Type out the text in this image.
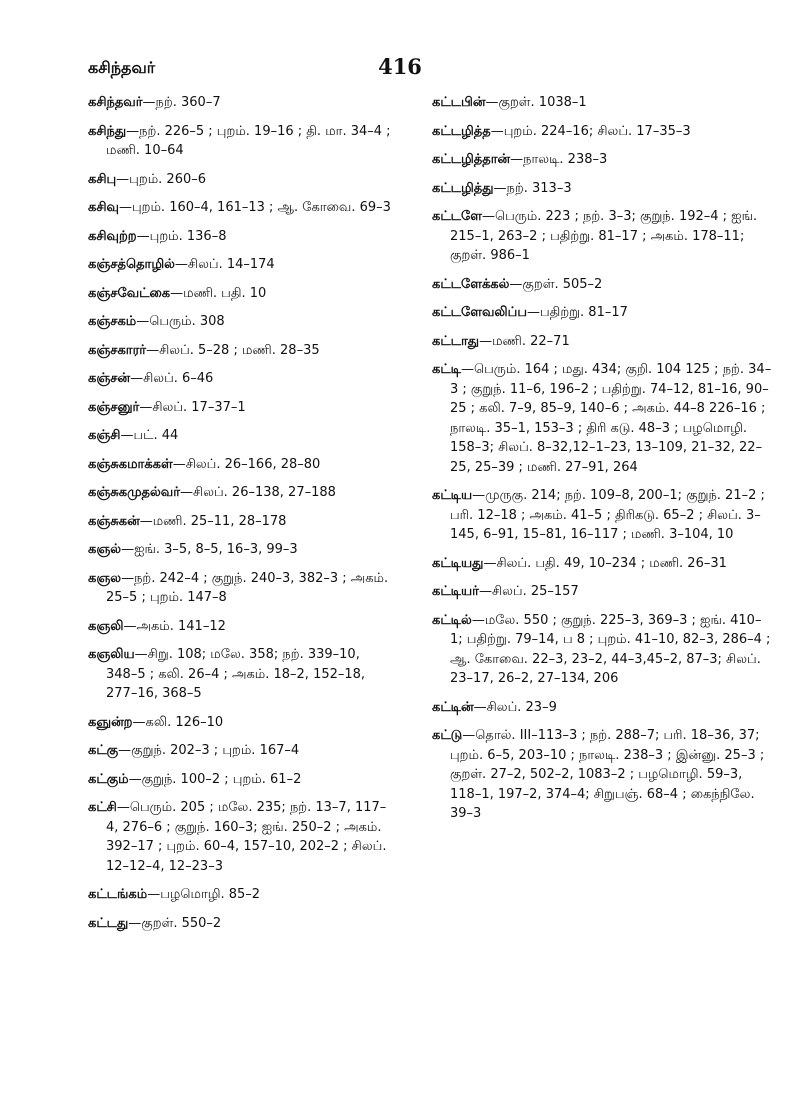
கசிந்தவர்	416
கசிந்தவர்—நற். 360–7
கசிந்து—நற். 226–5 ; புறம். 19–16 ; தி. மா. 34–4 ; மணி. 10–64
கசிபு—புறம். 260–6
கசிவு—புறம். 160–4, 161–13 ; ஆ. கோவை. 69–3
கசிவுற்ற—புறம். 136–8
கஞ்சத்தொழில்—சிலப். 14–174
கஞ்சவேட்கை—மணி. பதி. 10
கஞ்சகம்—பெரும். 308
கஞ்சகாரர்—சிலப். 5–28 ; மணி. 28–35
கஞ்சன்—சிலப். 6–46
கஞ்சனுர்—சிலப். 17–37–1
கஞ்சி—பட். 44
கஞ்சுகமாக்கள்—சிலப். 26–166, 28–80
கஞ்சுகமுதல்வர்—சிலப். 26–138, 27–188
கஞ்சுகன்—மணி. 25–11, 28–178
கஞல்—ஐங். 3–5, 8–5, 16–3, 99–3
கஞல—நற். 242–4 ; குறுந். 240–3, 382–3 ; அகம். 25–5 ; புறம். 147–8
கஞலி—அகம். 141–12
கஞலிய—சிறு. 108; மலே. 358; நற். 339–10, 348–5 ; கலி. 26–4 ; அகம். 18–2, 152–18, 277–16, 368–5
கஞுன்ற—கலி. 126–10
கட்கு—குறுந். 202–3 ; புறம். 167–4
கட்கும்—குறுந். 100–2 ; புறம். 61–2
கட்சி—பெரும். 205 ; மலே. 235; நற். 13–7, 117–4, 276–6 ; குறுந். 160–3; ஐங். 250–2 ; அகம். 392–17 ; புறம். 60–4, 157–10, 202–2 ; சிலப். 12–12–4, 12–23–3
கட்டங்கம்—பழமொழி. 85–2
கட்டது—குறள். 550–2
கட்டபின்—குறள். 1038–1
கட்டழித்த—புறம். 224–16; சிலப். 17–35–3
கட்டழித்தான்—நாலடி. 238–3
கட்டழித்து—நற். 313–3
கட்டளே—பெரும். 223 ; நற். 3–3; குறுந். 192–4 ; ஐங். 215–1, 263–2 ; பதிற்று. 81–17 ; அகம். 178–11; குறள். 986–1
கட்டளேக்கல்—குறள். 505–2
கட்டளேவலிப்ப—பதிற்று. 81–17
கட்டாது—மணி. 22–71
கட்டி—பெரும். 164 ; மது. 434; குறி. 104 125 ; நற். 34–3 ; குறுந். 11–6, 196–2 ; பதிற்று. 74–12, 81–16, 90–25 ; கலி. 7–9, 85–9, 140–6 ; அகம். 44–8 226–16 ; நாலடி. 35–1, 153–3 ; திரி கடு. 48–3 ; பழமொழி. 158–3; சிலப். 8–32,12–1–23, 13–109, 21–32, 22–25, 25–39 ; மணி. 27–91, 264
கட்டிய—முருகு. 214; நற். 109–8, 200–1; குறுந். 21–2 ; பரி. 12–18 ; அகம். 41–5 ; திரிகடு. 65–2 ; சிலப். 3–145, 6–91, 15–81, 16–117 ; மணி. 3–104, 10
கட்டியது—சிலப். பதி. 49, 10–234 ; மணி. 26–31
கட்டியர்—சிலப். 25–157
கட்டில்—மலே. 550 ; குறுந். 225–3, 369–3 ; ஐங். 410–1; பதிற்று. 79–14, ப 8 ; புறம். 41–10, 82–3, 286–4 ; ஆ. கோவை. 22–3, 23–2, 44–3,45–2, 87–3; சிலப். 23–17, 26–2, 27–134, 206
கட்டின்—சிலப். 23–9
கட்டு—தொல். III–113–3 ; நற். 288–7; பரி. 18–36, 37; புறம். 6–5, 203–10 ; நாலடி. 238–3 ; இன்னு. 25–3 ; குறள். 27–2, 502–2, 1083–2 ; பழமொழி. 59–3, 118–1, 197–2, 374–4; சிறுபஞ். 68–4 ; கைந்நிலே. 39–3
